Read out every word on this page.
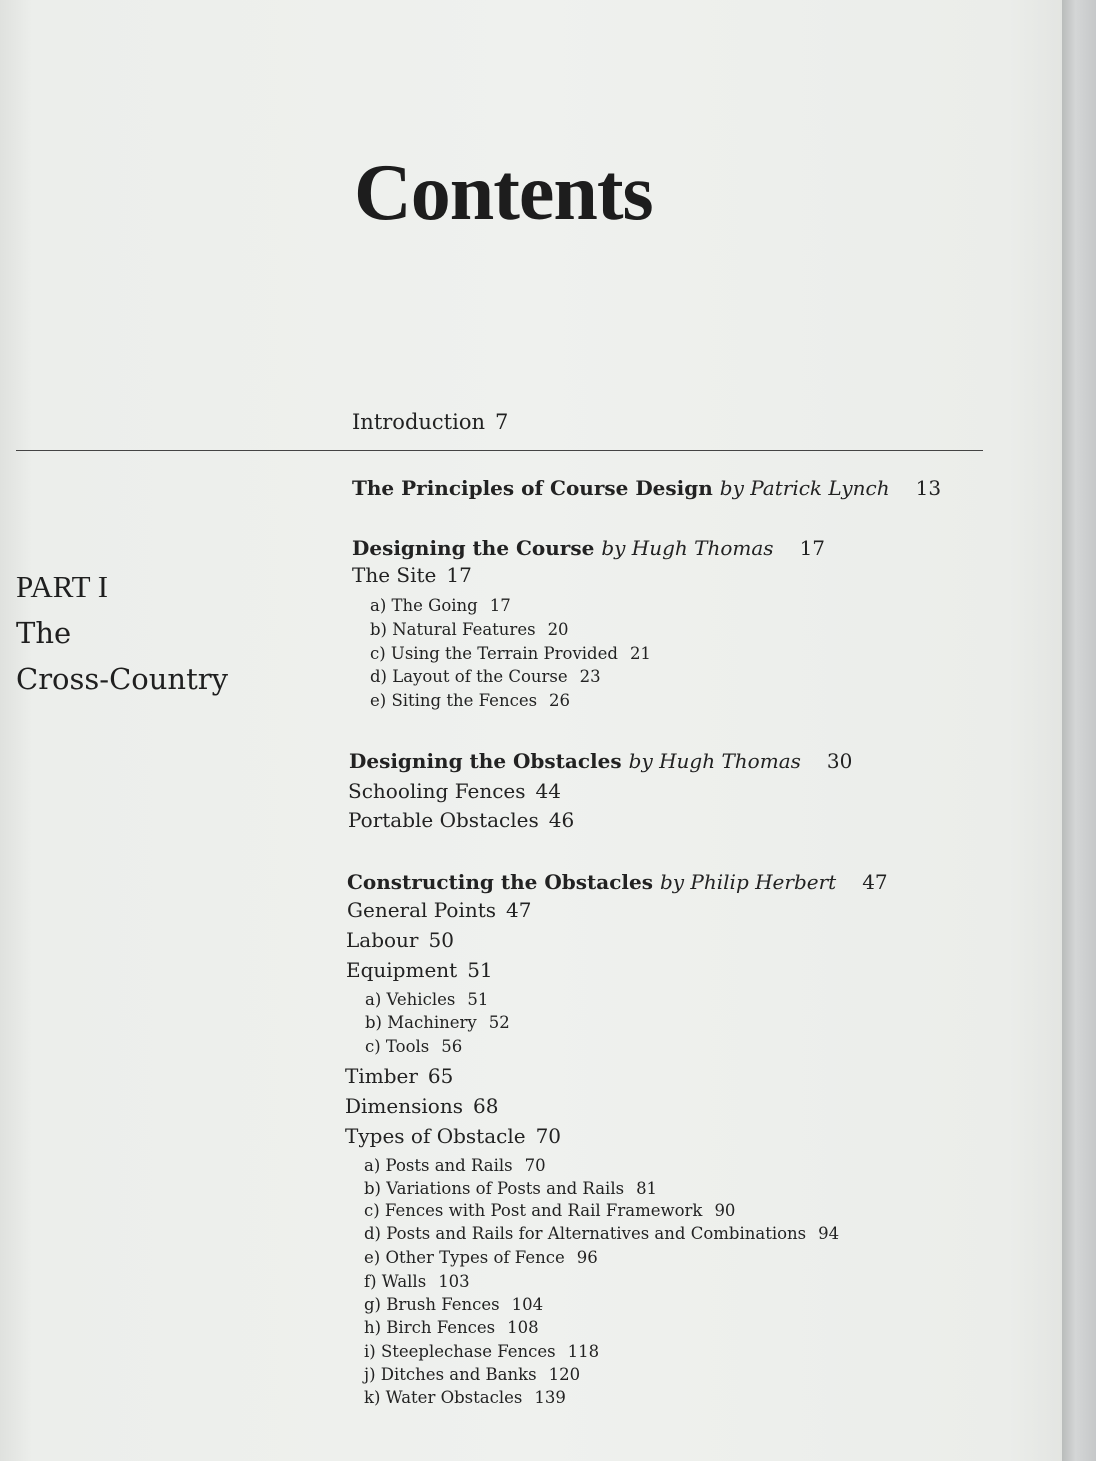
Contents
Introduction 7
PART I
The
Cross-Country
The Principles of Course Design by Patrick Lynch 13
Designing the Course by Hugh Thomas 17
The Site 17
a) The Going 17
b) Natural Features 20
c) Using the Terrain Provided 21
d) Layout of the Course 23
e) Siting the Fences 26
Designing the Obstacles by Hugh Thomas 30
Schooling Fences 44
Portable Obstacles 46
Constructing the Obstacles by Philip Herbert 47
General Points 47
Labour 50
Equipment 51
a) Vehicles 51
b) Machinery 52
c) Tools 56
Timber 65
Dimensions 68
Types of Obstacle 70
a) Posts and Rails 70
b) Variations of Posts and Rails 81
c) Fences with Post and Rail Framework 90
d) Posts and Rails for Alternatives and Combinations 94
e) Other Types of Fence 96
f) Walls 103
g) Brush Fences 104
h) Birch Fences 108
i) Steeplechase Fences 118
j) Ditches and Banks 120
k) Water Obstacles 139
